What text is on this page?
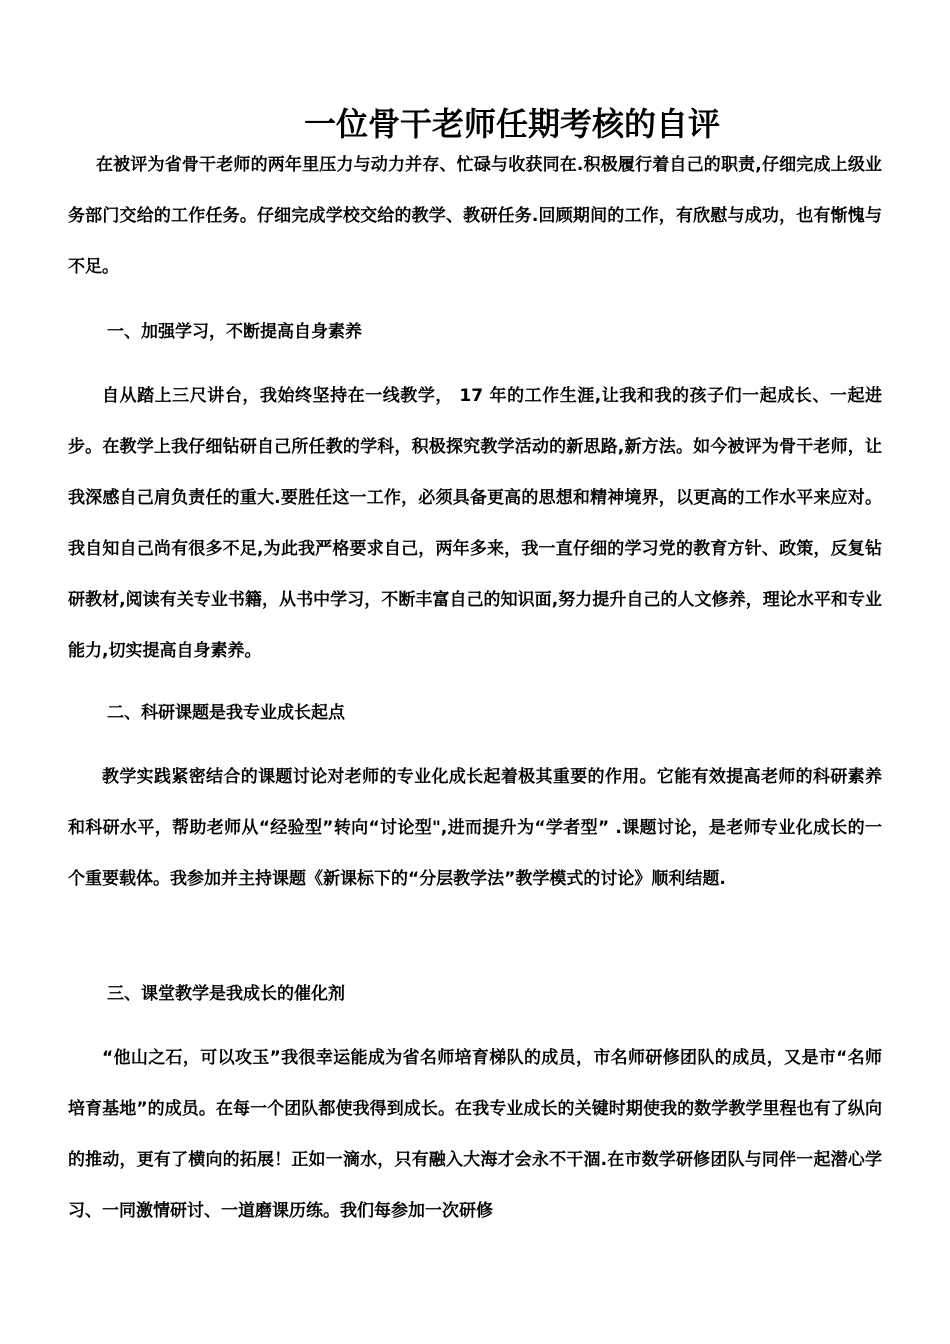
一位骨干老师任期考核的自评

在被评为省骨干老师的两年里压力与动力并存、忙碌与收获同在.积极履行着自己的职责,仔细完成上级业务部门交给的工作任务。仔细完成学校交给的教学、教研任务.回顾期间的工作，有欣慰与成功，也有惭愧与不足。

一、加强学习，不断提高自身素养

自从踏上三尺讲台，我始终坚持在一线教学， 17 年的工作生涯,让我和我的孩子们一起成长、一起进步。在教学上我仔细钻研自己所任教的学科，积极探究教学活动的新思路,新方法。如今被评为骨干老师，让我深感自己肩负责任的重大.要胜任这一工作，必须具备更高的思想和精神境界，以更高的工作水平来应对。我自知自己尚有很多不足,为此我严格要求自己，两年多来，我一直仔细的学习党的教育方针、政策，反复钻研教材,阅读有关专业书籍，从书中学习，不断丰富自己的知识面,努力提升自己的人文修养，理论水平和专业能力,切实提高自身素养。

二、科研课题是我专业成长起点

教学实践紧密结合的课题讨论对老师的专业化成长起着极其重要的作用。它能有效提高老师的科研素养和科研水平，帮助老师从“经验型”转向“讨论型",进而提升为“学者型” .课题讨论，是老师专业化成长的一个重要载体。我参加并主持课题《新课标下的“分层教学法”教学模式的讨论》顺利结题.

三、课堂教学是我成长的催化剂

“他山之石，可以攻玉”我很幸运能成为省名师培育梯队的成员，市名师研修团队的成员，又是市“名师培育基地”的成员。在每一个团队都使我得到成长。在我专业成长的关键时期使我的数学教学里程也有了纵向的推动，更有了横向的拓展！正如一滴水，只有融入大海才会永不干涸.在市数学研修团队与同伴一起潜心学习、一同激情研讨、一道磨课历练。我们每参加一次研修
